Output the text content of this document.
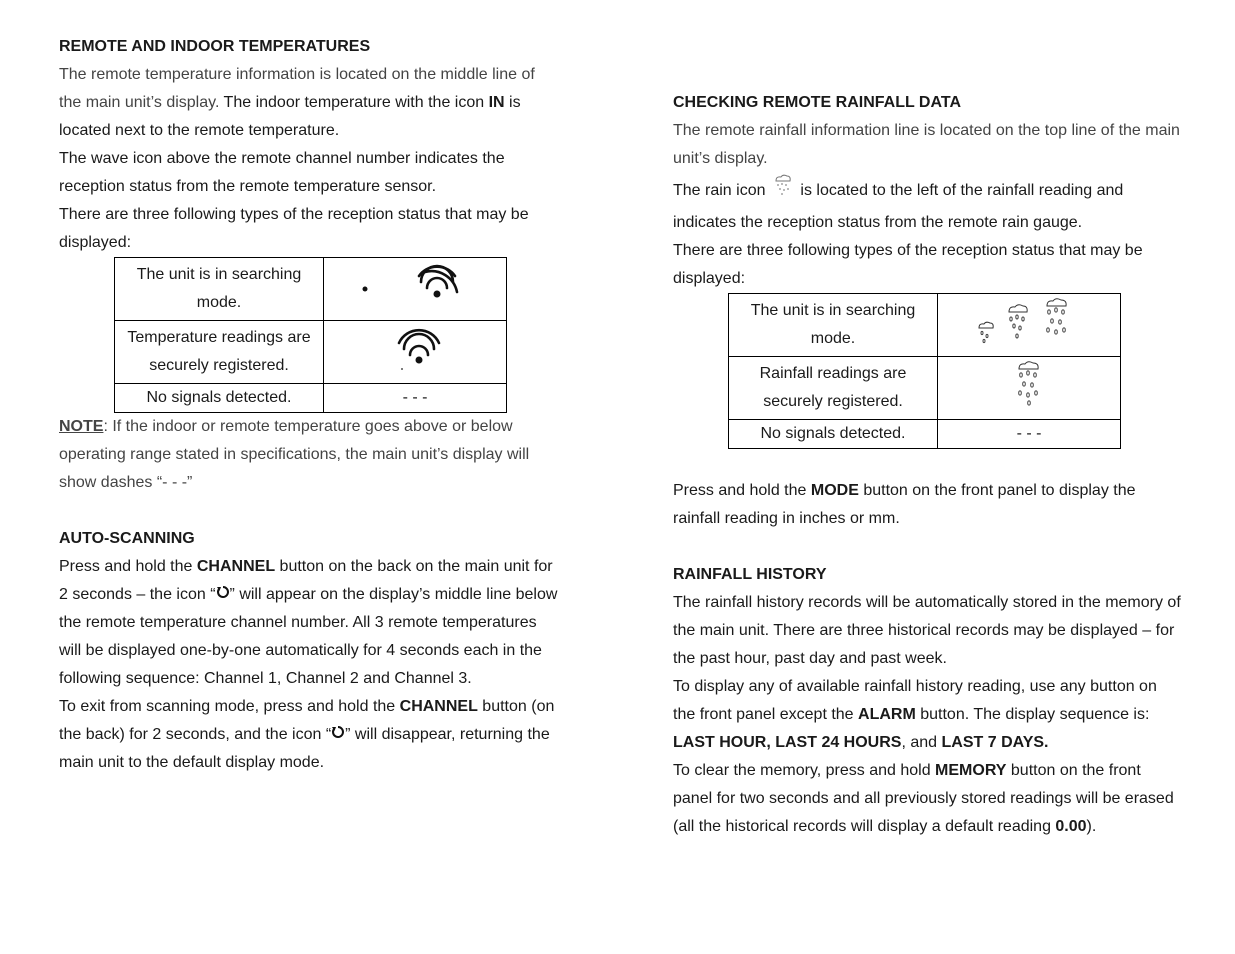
REMOTE AND INDOOR TEMPERATURES

The remote temperature information is located on the middle line of the main unit’s display. The indoor temperature with the icon IN is located next to the remote temperature.

The wave icon above the remote channel number indicates the reception status from the remote temperature sensor.

There are three following types of the reception status that may be displayed:

The unit is in searching mode.	
Temperature readings are securely registered.	
No signals detected.	- - -

NOTE: If the indoor or remote temperature goes above or below operating range stated in specifications, the main unit’s display will show dashes “- - -”

AUTO-SCANNING

Press and hold the CHANNEL button on the back on the main unit for 2 seconds – the icon “ ” will appear on the display’s middle line below the remote temperature channel number. All 3 remote temperatures will be displayed one-by-one automatically for 4 seconds each in the following sequence: Channel 1, Channel 2 and Channel 3.

To exit from scanning mode, press and hold the CHANNEL button (on the back) for 2 seconds, and the icon “ ” will disappear, returning the main unit to the default display mode.

CHECKING REMOTE RAINFALL DATA

The remote rainfall information line is located on the top line of the main unit’s display.

The rain icon  is located to the left of the rainfall reading and indicates the reception status from the remote rain gauge.

There are three following types of the reception status that may be displayed:

The unit is in searching mode.	
Rainfall readings are securely registered.	
No signals detected.	- - -

Press and hold the MODE button on the front panel to display the rainfall reading in inches or mm.

RAINFALL HISTORY

The rainfall history records will be automatically stored in the memory of the main unit. There are three historical records may be displayed – for the past hour, past day and past week.

To display any of available rainfall history reading, use any button on the front panel except the ALARM button. The display sequence is: LAST HOUR, LAST 24 HOURS, and LAST 7 DAYS.

To clear the memory, press and hold MEMORY button on the front panel for two seconds and all previously stored readings will be erased (all the historical records will display a default reading 0.00).
